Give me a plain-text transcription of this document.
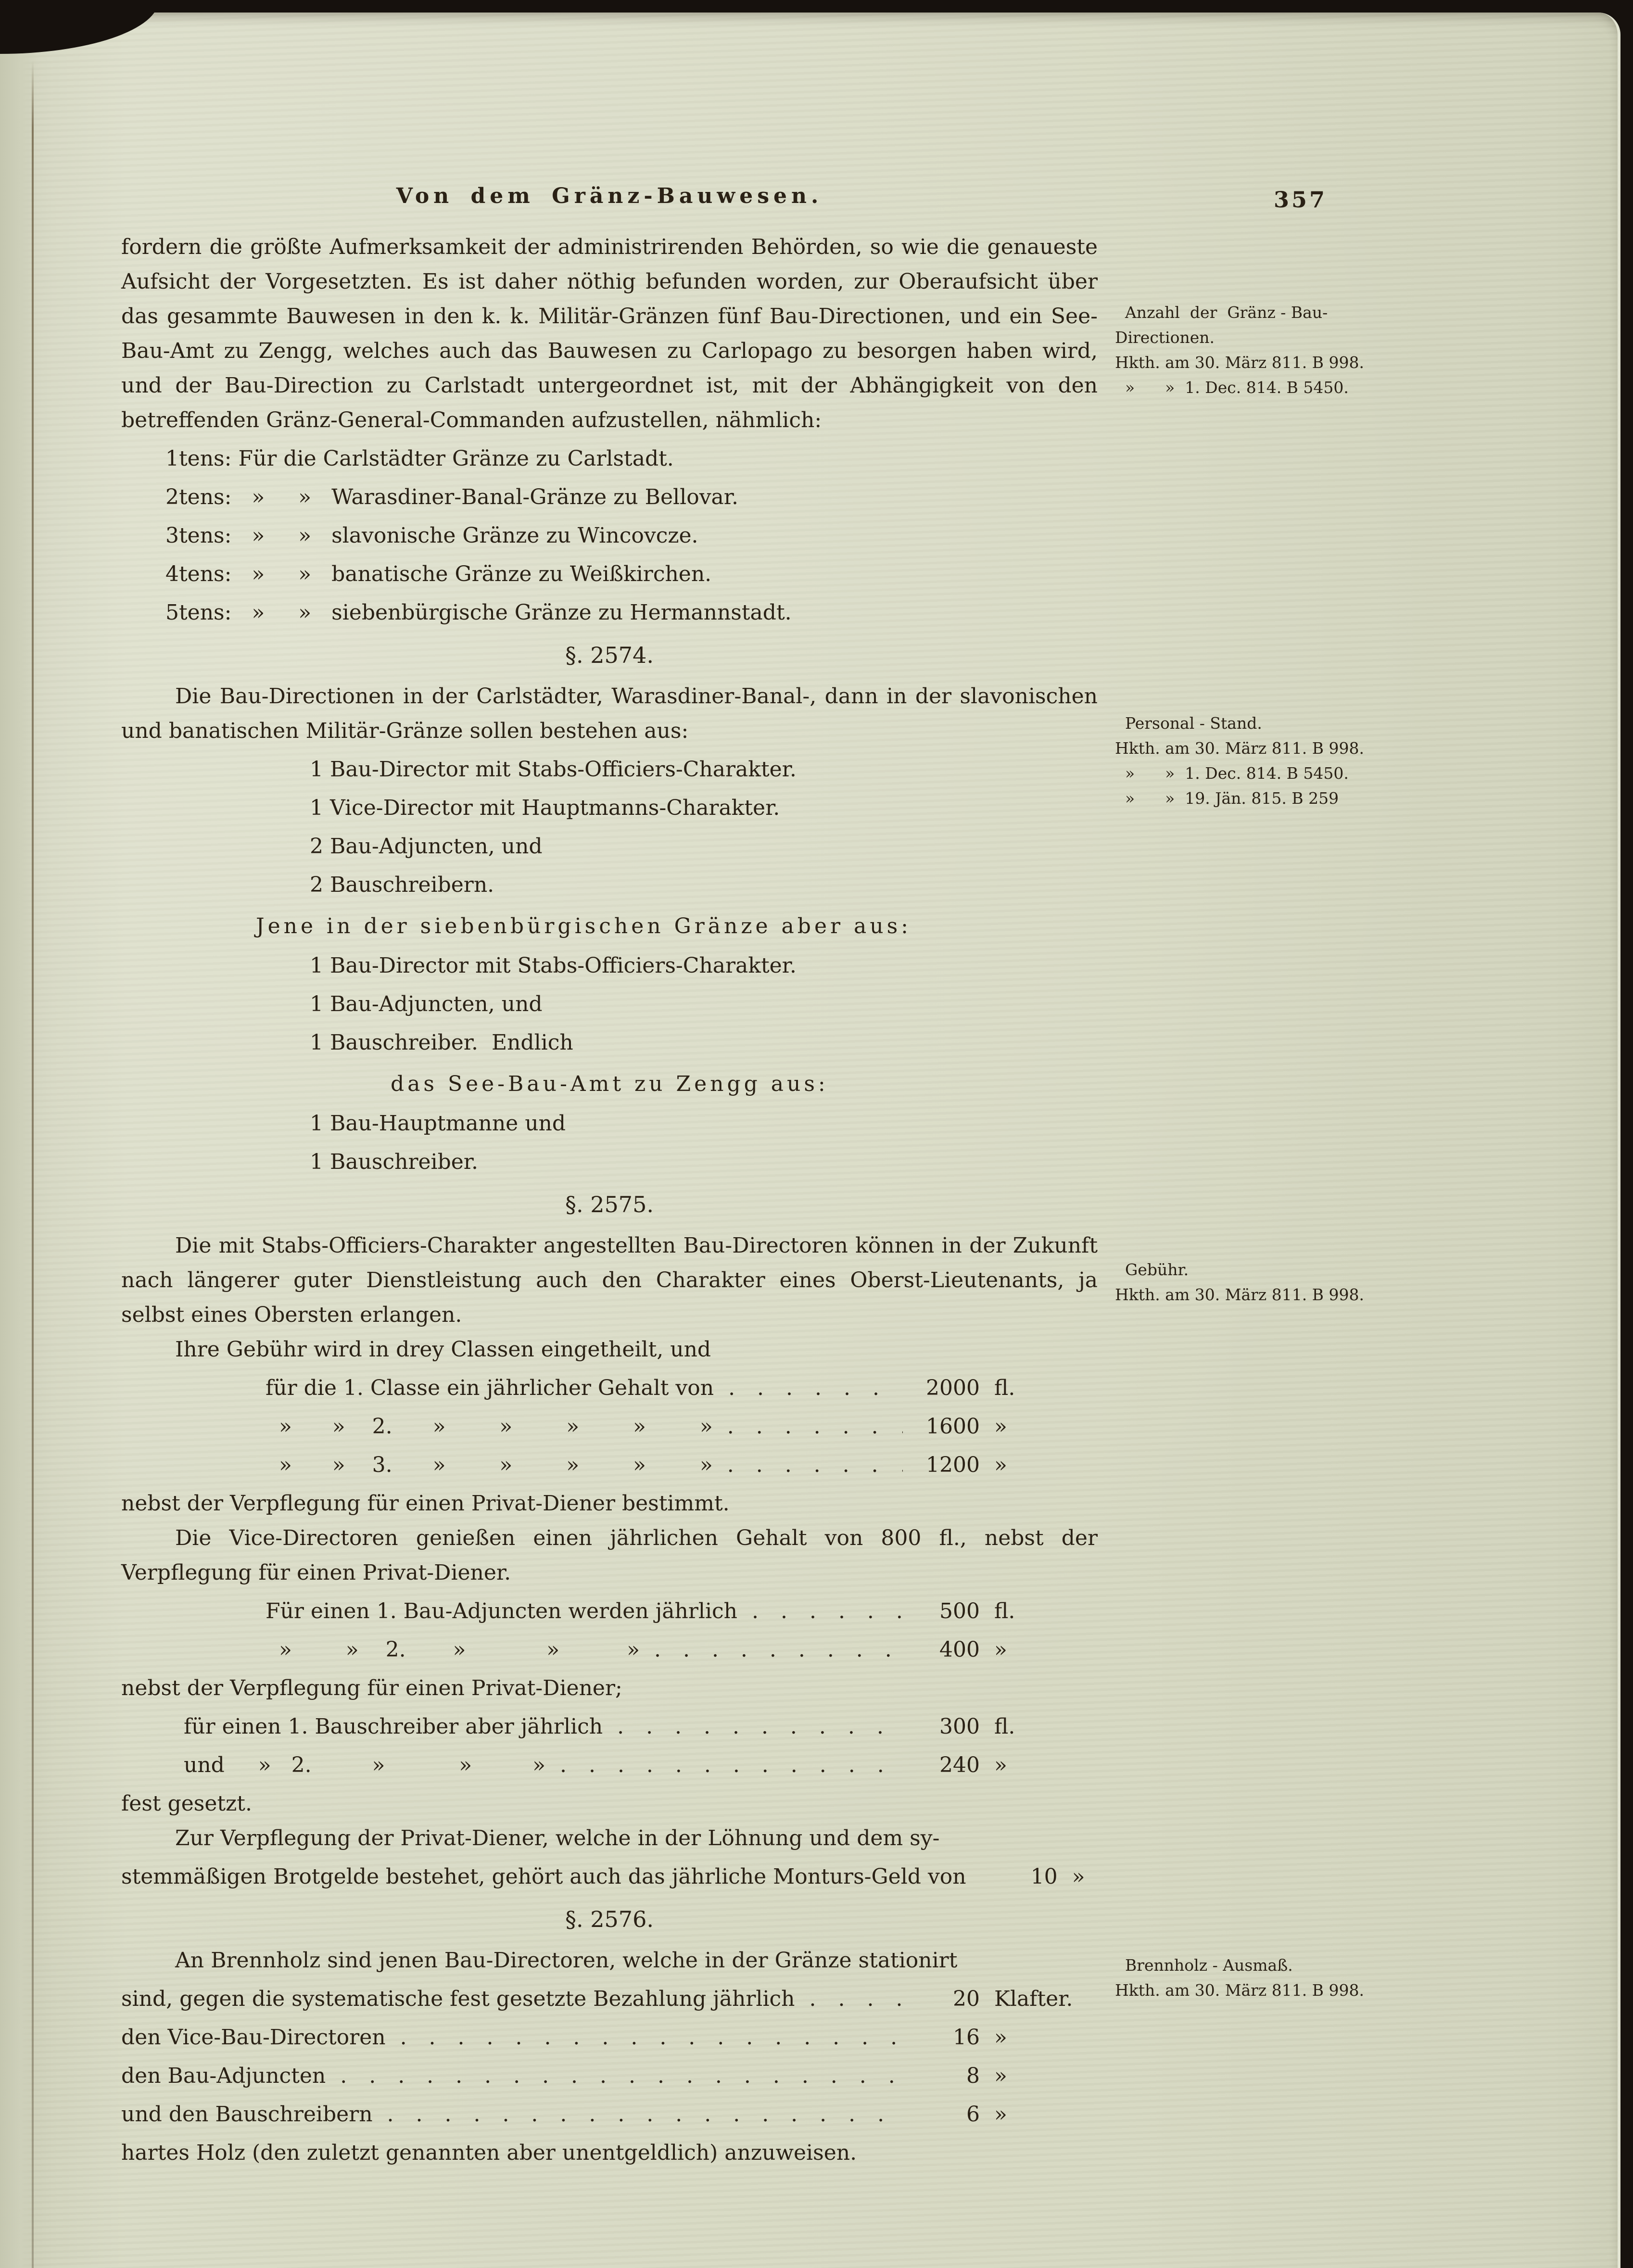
Von dem Gränz-Bauwesen.	357

fordern die größte Aufmerksamkeit der administrirenden Behörden, so wie die genaueste Aufsicht der Vorgesetzten. Es ist daher nöthig befunden worden, zur Oberaufsicht über das gesammte Bauwesen in den k. k. Militär-Gränzen fünf Bau-Directionen, und ein See-Bau-Amt zu Zengg, welches auch das Bauwesen zu Carlopago zu besorgen haben wird, und der Bau-Direction zu Carlstadt untergeordnet ist, mit der Abhängigkeit von den betreffenden Gränz-General-Commanden aufzustellen, nähmlich:

1tens: Für die Carlstädter Gränze zu Carlstadt.
2tens:   »     »   Warasdiner-Banal-Gränze zu Bellovar.
3tens:   »     »   slavonische Gränze zu Wincovcze.
4tens:   »     »   banatische Gränze zu Weißkirchen.
5tens:   »     »   siebenbürgische Gränze zu Hermannstadt.
§. 2574.

Die Bau-Directionen in der Carlstädter, Warasdiner-Banal-, dann in der slavonischen und banatischen Militär-Gränze sollen bestehen aus:

1 Bau-Director mit Stabs-Officiers-Charakter.
1 Vice-Director mit Hauptmanns-Charakter.
2 Bau-Adjuncten, und
2 Bauschreibern.
Jene in der siebenbürgischen Gränze aber aus:
1 Bau-Director mit Stabs-Officiers-Charakter.
1 Bau-Adjuncten, und
1 Bauschreiber.  Endlich
das See-Bau-Amt zu Zengg aus:
1 Bau-Hauptmanne und
1 Bauschreiber.
§. 2575.

Die mit Stabs-Officiers-Charakter angestellten Bau-Directoren können in der Zukunft nach längerer guter Dienstleistung auch den Charakter eines Oberst-Lieutenants, ja selbst eines Obersten erlangen.

Ihre Gebühr wird in drey Classen eingetheilt, und

für die 1. Classe ein jährlicher Gehalt von . . .	2000 fl.
»      »    2.      »        »        »        »        » . . .	1600 »
»      »    3.      »        »        »        »        » . . .	1200 »

nebst der Verpflegung für einen Privat-Diener bestimmt.

Die Vice-Directoren genießen einen jährlichen Gehalt von 800 fl., nebst der Verpflegung für einen Privat-Diener.

Für einen 1. Bau-Adjuncten werden jährlich . . .	500 fl.
»        »    2.       »            »          » . . .	400 »

nebst der Verpflegung für einen Privat-Diener;

für einen 1. Bauschreiber aber jährlich . . .	300 fl.
und     »   2.         »           »         » . . .	240 »

fest gesetzt.

Zur Verpflegung der Privat-Diener, welche in der Löhnung und dem sy-

stemmäßigen Brotgelde bestehet, gehört auch das jährliche Monturs-Geld von	10 »
§. 2576.

An Brennholz sind jenen Bau-Directoren, welche in der Gränze stationirt

sind, gegen die systematische fest gesetzte Bezahlung jährlich . . .	20 Klafter.
den Vice-Bau-Directoren . . .	16 »
den Bau-Adjuncten . . .	8 »
und den Bauschreibern . . .	6 »

hartes Holz (den zuletzt genannten aber unentgeldlich) anzuweisen.

Anzahl  der  Gränz - Bau-
Directionen.
Hkth. am 30. März 811. B 998.
»      »  1. Dec. 814. B 5450.
Personal - Stand.
Hkth. am 30. März 811. B 998.
»      »  1. Dec. 814. B 5450.
»      »  19. Jän. 815. B 259
Gebühr.
Hkth. am 30. März 811. B 998.
Brennholz - Ausmaß.
Hkth. am 30. März 811. B 998.
